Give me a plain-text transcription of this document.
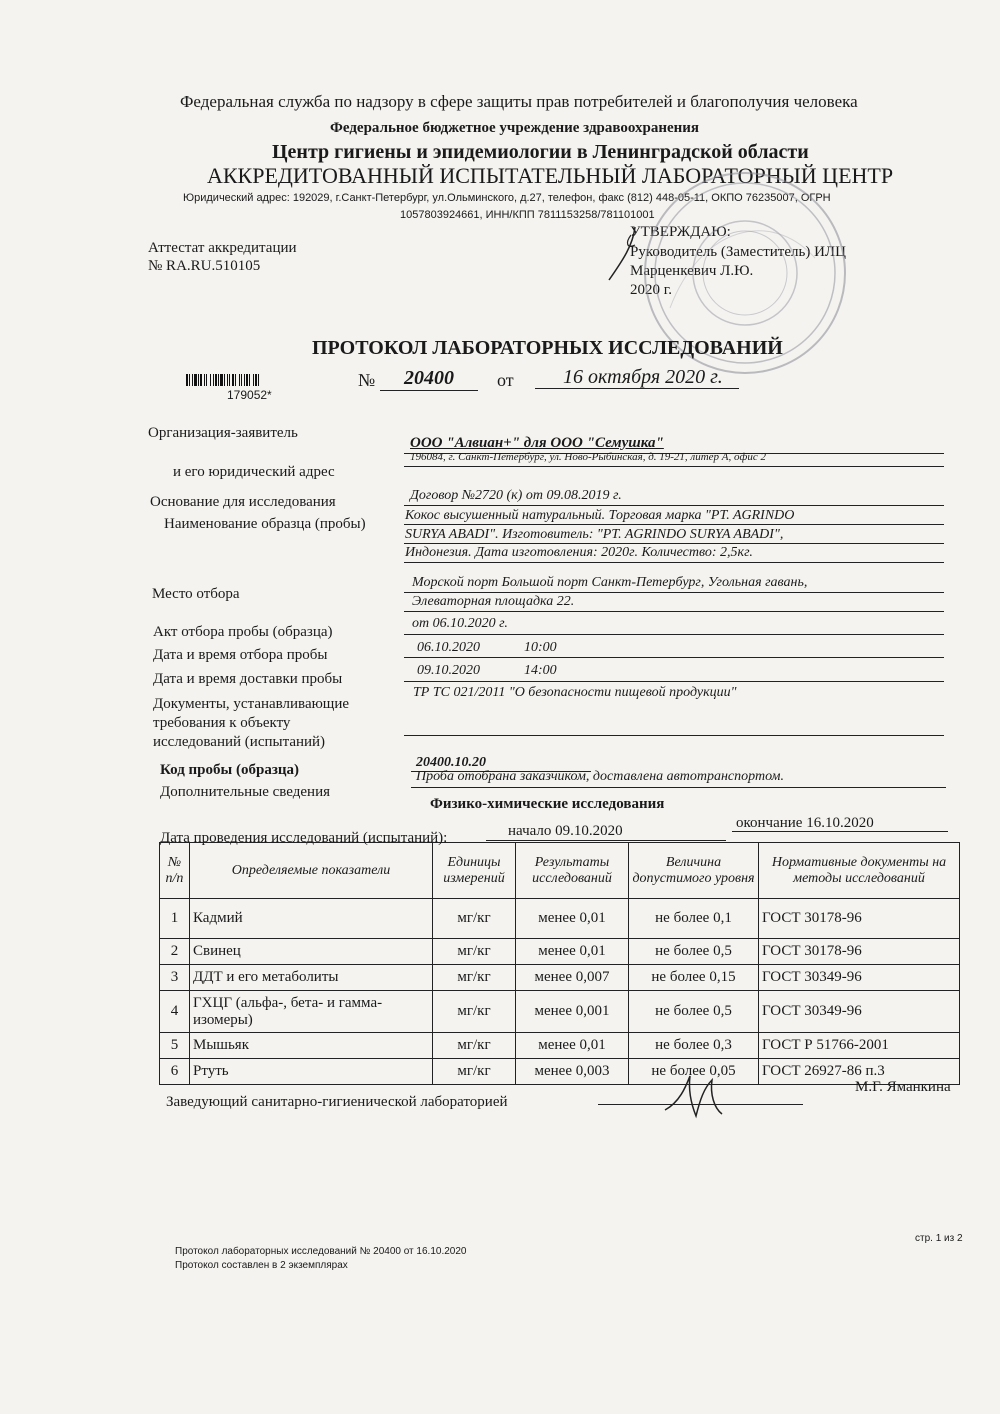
Федеральная служба по надзору в сфере защиты прав потребителей и благополучия человека
Федеральное бюджетное учреждение здравоохранения
Центр гигиены и эпидемиологии в Ленинградской области
АККРЕДИТОВАННЫЙ ИСПЫТАТЕЛЬНЫЙ ЛАБОРАТОРНЫЙ ЦЕНТР
Юридический адрес: 192029, г.Санкт-Петербург, ул.Ольминского, д.27, телефон, факс (812) 448-05-11, ОКПО 76235007, ОГРН
1057803924661, ИНН/КПП 7811153258/781101001
Аттестат аккредитации
№ RA.RU.510105
УТВЕРЖДАЮ:
Руководитель (Заместитель) ИЛЦ
Марценкевич Л.Ю.
2020 г.
ПРОТОКОЛ ЛАБОРАТОРНЫХ ИССЛЕДОВАНИЙ
179052*
№ 20400 от 16 октября 2020 г.
Организация-заявитель
ООО "Алвиан+" для ООО "Семушка"
и его юридический адрес
196084, г. Санкт-Петербург, ул. Ново-Рыбинская, д. 19-21, литер А, офис 2
Основание для исследования	Договор №2720 (к) от 09.08.2019 г.
Наименование образца (пробы)
Кокос высушенный натуральный. Торговая марка "PT. AGRINDO
SURYA ABADI". Изготовитель: "PT. AGRINDO SURYA ABADI",
Индонезия. Дата изготовления: 2020г. Количество: 2,5кг.
Место отбора
Морской порт Большой порт Санкт-Петербург, Угольная гавань,
Элеваторная площадка 22.
Акт отбора пробы (образца)
от 06.10.2020 г.
Дата и время отбора пробы	06.10.2020	10:00
Дата и время доставки пробы
09.10.2020	14:00
Документы, устанавливающие
требования к объекту
исследований (испытаний)
ТР ТС 021/2011 "О безопасности пищевой продукции"
Код пробы (образца)	20400.10.20
Дополнительные сведения
Проба отобрана заказчиком, доставлена автотранспортом.
Физико-химические исследования
Дата проведения исследований (испытаний):	начало 09.10.2020	окончание 16.10.2020
№ п/п	Определяемые показатели	Единицы измерений	Результаты исследований	Величина допустимого уровня	Нормативные документы на методы исследований
1	Кадмий	мг/кг	менее 0,01	не более 0,1	ГОСТ 30178-96
2	Свинец	мг/кг	менее 0,01	не более 0,5	ГОСТ 30178-96
3	ДДТ и его метаболиты	мг/кг	менее 0,007	не более 0,15	ГОСТ 30349-96
4	ГХЦГ (альфа-, бета- и гамма-изомеры)	мг/кг	менее 0,001	не более 0,5	ГОСТ 30349-96
5	Мышьяк	мг/кг	менее 0,01	не более 0,3	ГОСТ Р 51766-2001
6	Ртуть	мг/кг	менее 0,003	не более 0,05	ГОСТ 26927-86 п.3
Заведующий санитарно-гигиенической лабораторией
М.Г. Яманкина
Протокол лабораторных исследований № 20400 от 16.10.2020
Протокол составлен в 2 экземплярах
стр. 1 из 2
